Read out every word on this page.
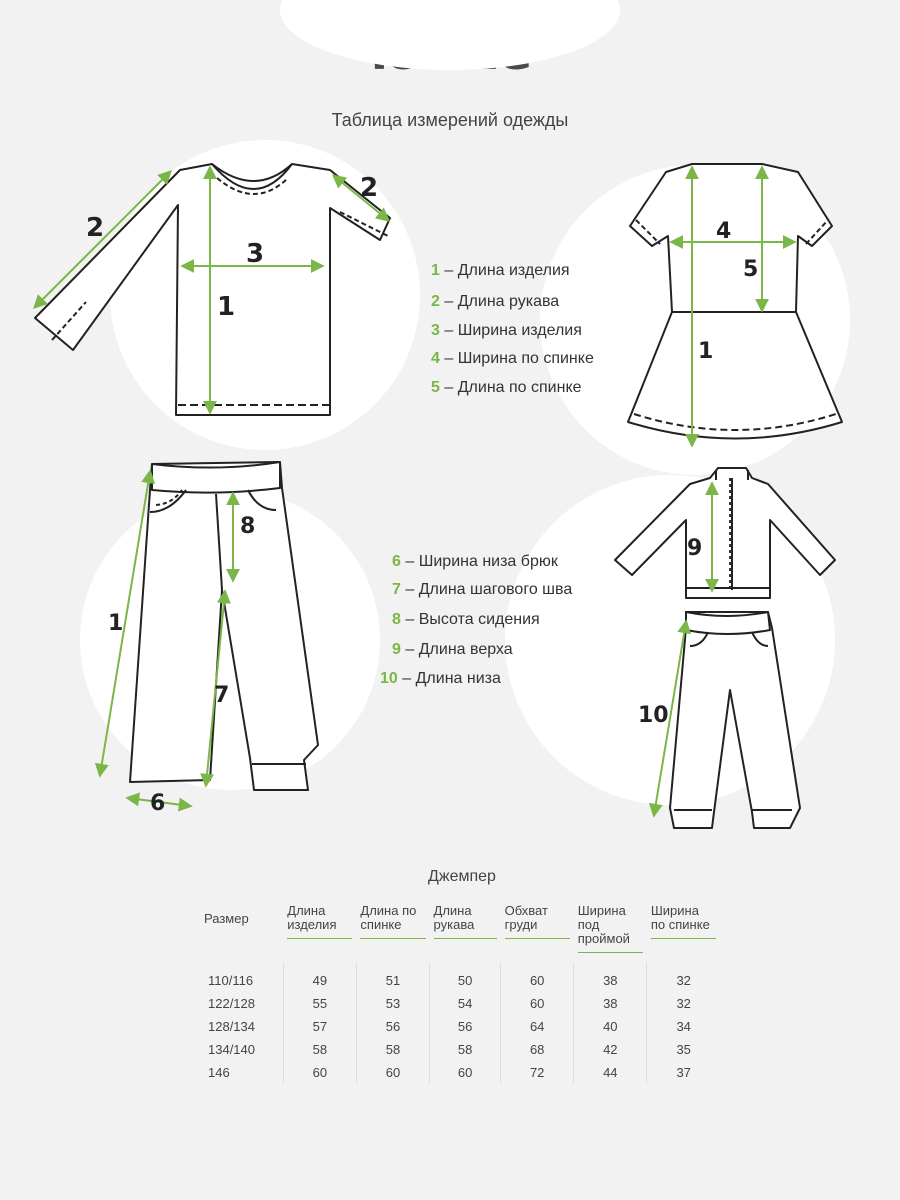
Таблица измерений одежды
2
2
3
1
4
5
1
8
1
7
6
9
10
1 – Длина изделия
2 – Длина рукава
3 – Ширина изделия
4 – Ширина по спинке
5 – Длина по спинке
6 – Ширина низа брюк
7 – Длина шагового шва
8 – Высота сидения
9 – Длина верха
10 – Длина низа
Джемпер
Размер	Длина изделия	Длина по спинке	Длина рукава	Обхват груди	Ширина под проймой	Ширина по спинке
110/116	49	51	50	60	38	32
122/128	55	53	54	60	38	32
128/134	57	56	56	64	40	34
134/140	58	58	58	68	42	35
146	60	60	60	72	44	37
